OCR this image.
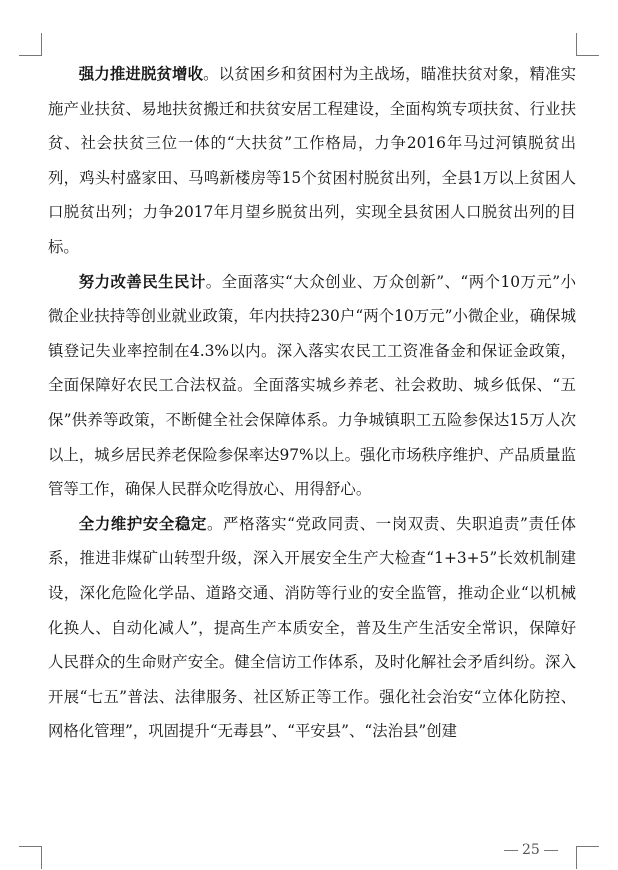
强力推进脱贫增收。以贫困乡和贫困村为主战场，瞄准扶贫对象，精准实施产业扶贫、易地扶贫搬迁和扶贫安居工程建设，全面构筑专项扶贫、行业扶贫、社会扶贫三位一体的“大扶贫”工作格局，力争2016年马过河镇脱贫出列，鸡头村盛家田、马鸣新楼房等15个贫困村脱贫出列，全县1万以上贫困人口脱贫出列；力争2017年月望乡脱贫出列，实现全县贫困人口脱贫出列的目标。

努力改善民生民计。全面落实“大众创业、万众创新”、“两个10万元”小微企业扶持等创业就业政策，年内扶持230户“两个10万元”小微企业，确保城镇登记失业率控制在4.3%以内。深入落实农民工工资准备金和保证金政策，全面保障好农民工合法权益。全面落实城乡养老、社会救助、城乡低保、“五保”供养等政策，不断健全社会保障体系。力争城镇职工五险参保达15万人次以上，城乡居民养老保险参保率达97%以上。强化市场秩序维护、产品质量监管等工作，确保人民群众吃得放心、用得舒心。

全力维护安全稳定。严格落实“党政同责、一岗双责、失职追责”责任体系，推进非煤矿山转型升级，深入开展安全生产大检查“1+3+5”长效机制建设，深化危险化学品、道路交通、消防等行业的安全监管，推动企业“以机械化换人、自动化减人”，提高生产本质安全，普及生产生活安全常识，保障好人民群众的生命财产安全。健全信访工作体系，及时化解社会矛盾纠纷。深入开展“七五”普法、法律服务、社区矫正等工作。强化社会治安“立体化防控、网格化管理”，巩固提升“无毒县”、“平安县”、“法治县”创建

25
